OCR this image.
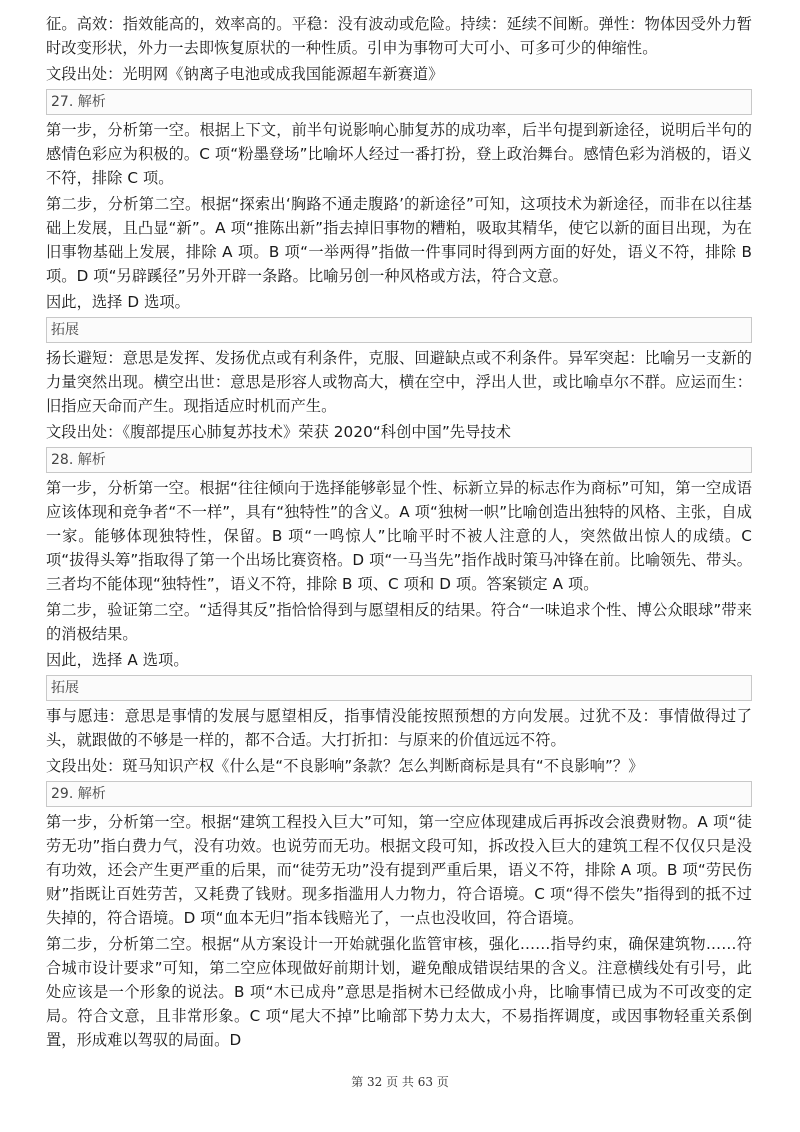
征。高效：指效能高的，效率高的。平稳：没有波动或危险。持续：延续不间断。弹性：物体因受外力暂时改变形状，外力一去即恢复原状的一种性质。引申为事物可大可小、可多可少的伸缩性。

文段出处：光明网《钠离子电池或成我国能源超车新赛道》

27. 解析

第一步，分析第一空。根据上下文，前半句说影响心肺复苏的成功率，后半句提到新途径，说明后半句的感情色彩应为积极的。C 项“粉墨登场”比喻坏人经过一番打扮，登上政治舞台。感情色彩为消极的，语义不符，排除 C 项。

第二步，分析第二空。根据“探索出‘胸路不通走腹路’的新途径”可知，这项技术为新途径，而非在以往基础上发展，且凸显“新”。A 项“推陈出新”指去掉旧事物的糟粕，吸取其精华，使它以新的面目出现，为在旧事物基础上发展，排除 A 项。B 项“一举两得”指做一件事同时得到两方面的好处，语义不符，排除 B 项。D 项“另辟蹊径”另外开辟一条路。比喻另创一种风格或方法，符合文意。

因此，选择 D 选项。

拓展

扬长避短：意思是发挥、发扬优点或有利条件，克服、回避缺点或不利条件。异军突起：比喻另一支新的力量突然出现。横空出世：意思是形容人或物高大，横在空中，浮出人世，或比喻卓尔不群。应运而生：旧指应天命而产生。现指适应时机而产生。

文段出处：《腹部提压心肺复苏技术》荣获 2020“科创中国”先导技术

28. 解析

第一步，分析第一空。根据“往往倾向于选择能够彰显个性、标新立异的标志作为商标”可知，第一空成语应该体现和竞争者“不一样”，具有“独特性”的含义。A 项“独树一帜”比喻创造出独特的风格、主张，自成一家。能够体现独特性，保留。B 项“一鸣惊人”比喻平时不被人注意的人，突然做出惊人的成绩。C 项“拔得头筹”指取得了第一个出场比赛资格。D 项“一马当先”指作战时策马冲锋在前。比喻领先、带头。三者均不能体现“独特性”，语义不符，排除 B 项、C 项和 D 项。答案锁定 A 项。

第二步，验证第二空。“适得其反”指恰恰得到与愿望相反的结果。符合“一味追求个性、博公众眼球”带来的消极结果。

因此，选择 A 选项。

拓展

事与愿违：意思是事情的发展与愿望相反，指事情没能按照预想的方向发展。过犹不及：事情做得过了头，就跟做的不够是一样的，都不合适。大打折扣：与原来的价值远远不符。

文段出处：斑马知识产权《什么是“不良影响”条款？怎么判断商标是具有“不良影响”？》

29. 解析

第一步，分析第一空。根据“建筑工程投入巨大”可知，第一空应体现建成后再拆改会浪费财物。A 项“徒劳无功”指白费力气，没有功效。也说劳而无功。根据文段可知，拆改投入巨大的建筑工程不仅仅只是没有功效，还会产生更严重的后果，而“徒劳无功”没有提到严重后果，语义不符，排除 A 项。B 项“劳民伤财”指既让百姓劳苦，又耗费了钱财。现多指滥用人力物力，符合语境。C 项“得不偿失”指得到的抵不过失掉的，符合语境。D 项“血本无归”指本钱赔光了，一点也没收回，符合语境。

第二步，分析第二空。根据“从方案设计一开始就强化监管审核，强化……指导约束，确保建筑物……符合城市设计要求”可知，第二空应体现做好前期计划，避免酿成错误结果的含义。注意横线处有引号，此处应该是一个形象的说法。B 项“木已成舟”意思是指树木已经做成小舟，比喻事情已成为不可改变的定局。符合文意，且非常形象。C 项“尾大不掉”比喻部下势力太大，不易指挥调度，或因事物轻重关系倒置，形成难以驾驭的局面。D

第 32 页 共 63 页
